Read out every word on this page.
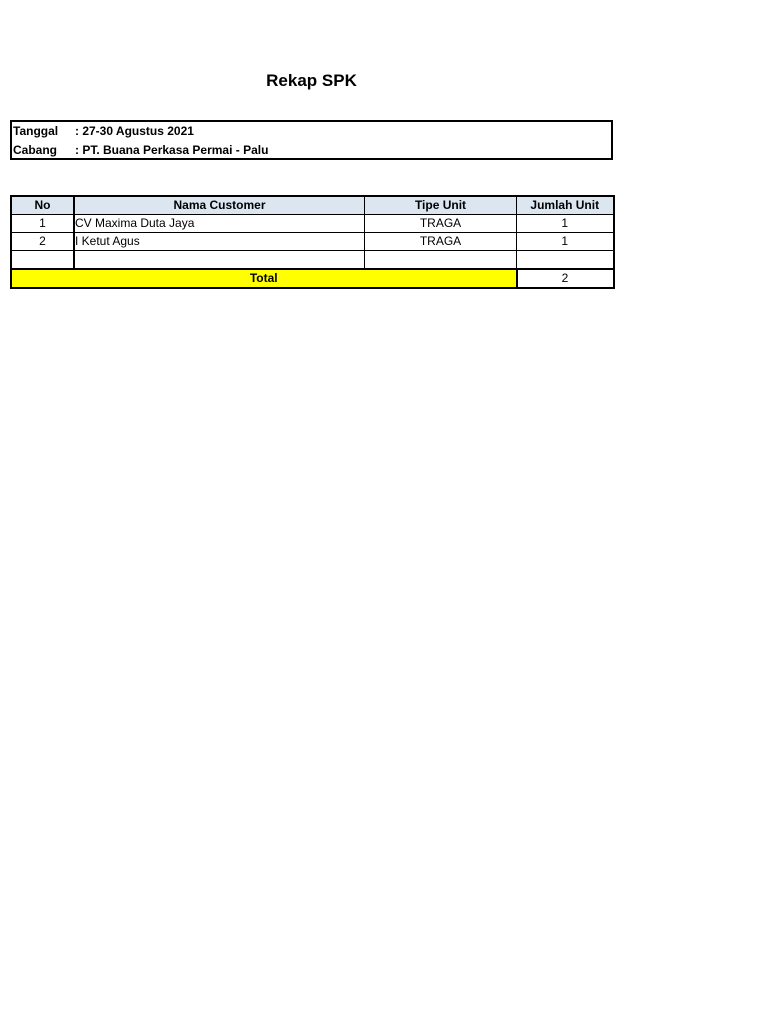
Rekap SPK
Tanggal	: 27-30 Agustus 2021
Cabang	: PT. Buana Perkasa Permai - Palu
No	Nama Customer	Tipe Unit	Jumlah Unit
1	CV Maxima Duta Jaya	TRAGA	1
2	I Ketut Agus	TRAGA	1

Total			2
